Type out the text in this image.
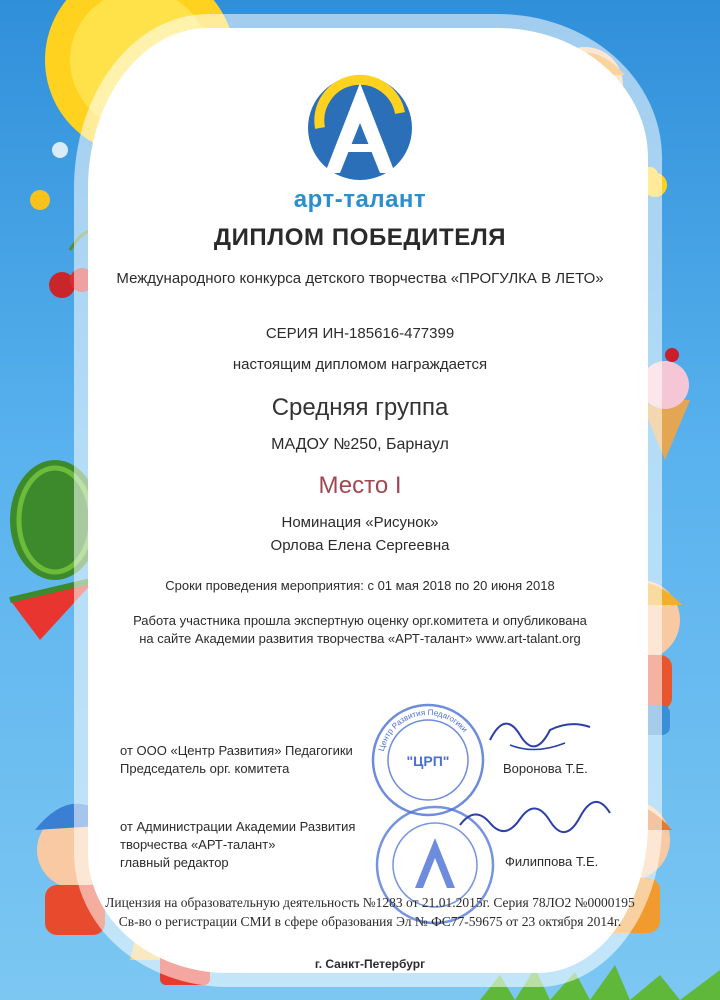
арт-талант
ДИПЛОМ ПОБЕДИТЕЛЯ
Международного конкурса детского творчества «ПРОГУЛКА В ЛЕТО»
СЕРИЯ ИН-185616-477399
настоящим дипломом награждается
Средняя группа
МАДОУ №250, Барнаул
Место I
Номинация «Рисунок»
Орлова Елена Сергеевна
Сроки проведения мероприятия: с 01 мая 2018 по 20 июня 2018
Работа участника прошла экспертную оценку орг.комитета и опубликована
на сайте Академии развития творчества «АРТ-талант» www.art-talant.org
Центр Развития Педагогики
"ЦРП"
от ООО «Центр Развития» Педагогики
Председатель орг. комитета	Воронова Т.Е.
от Администрации Академии Развития
творчества «АРТ-талант»
главный редактор	Филиппова Т.Е.
Лицензия на образовательную деятельность №1283 от 21.01.2015г. Серия 78ЛО2 №0000195
Св-во о регистрации СМИ в сфере образования Эл № ФС77-59675 от 23 октября 2014г.
г. Санкт-Петербург
